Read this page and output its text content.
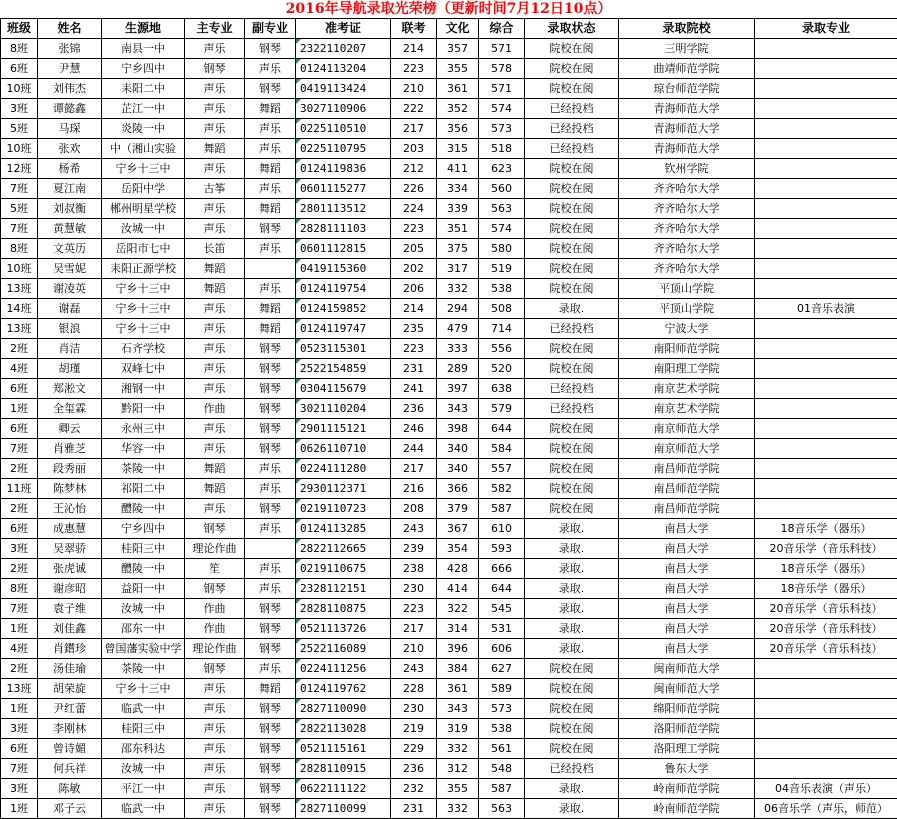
2016年导航录取光荣榜（更新时间7月12日10点）
班级	姓名	生源地	主专业	副专业	准考证	联考	文化	综合	录取状态	录取院校	录取专业
8班	张锦	南县一中	声乐	钢琴	2322110207	214	357	571	院校在阅	三明学院	
6班	尹慧	宁乡四中	钢琴	声乐	0124113204	223	355	578	院校在阅	曲靖师范学院	
10班	刘伟杰	耒阳二中	声乐	钢琴	0419113424	210	361	571	院校在阅	琼台师范学院	
3班	谭懿鑫	芷江一中	声乐	舞蹈	3027110906	222	352	574	已经投档	青海师范大学	
5班	马琛	炎陵一中	声乐	声乐	0225110510	217	356	573	已经投档	青海师范大学	
10班	张欢	中（湘山实验	舞蹈	声乐	0225110795	203	315	518	已经投档	青海师范大学	
12班	杨希	宁乡十三中	声乐	舞蹈	0124119836	212	411	623	院校在阅	钦州学院	
7班	夏江南	岳阳中学	古筝	声乐	0601115277	226	334	560	院校在阅	齐齐哈尔大学	
5班	刘叔衡	郴州明星学校	声乐	舞蹈	2801113512	224	339	563	院校在阅	齐齐哈尔大学	
7班	黄慧敏	汝城一中	声乐	钢琴	2828111103	223	351	574	院校在阅	齐齐哈尔大学	
8班	文英历	岳阳市七中	长笛	声乐	0601112815	205	375	580	院校在阅	齐齐哈尔大学	
10班	吴雪妮	耒阳正源学校	舞蹈		0419115360	202	317	519	院校在阅	齐齐哈尔大学	
13班	谢凌英	宁乡十三中	舞蹈	声乐	0124119754	206	332	538	院校在阅	平顶山学院	
14班	谢磊	宁乡十三中	声乐	舞蹈	0124159852	214	294	508	录取.	平顶山学院	01音乐表演
13班	银浪	宁乡十三中	声乐	舞蹈	0124119747	235	479	714	已经投档	宁波大学	
2班	肖洁	石齐学校	声乐	钢琴	0523115301	223	333	556	院校在阅	南阳师范学院	
4班	胡瑾	双峰七中	声乐	钢琴	2522154859	231	289	520	院校在阅	南阳理工学院	
6班	郑淞文	湘钢一中	声乐	钢琴	0304115679	241	397	638	已经投档	南京艺术学院	
1班	全玺霖	黔阳一中	作曲	钢琴	3021110204	236	343	579	已经投档	南京艺术学院	
6班	卿云	永州三中	声乐	钢琴	2901115121	246	398	644	院校在阅	南京师范大学	
7班	肖雅芝	华容一中	声乐	钢琴	0626110710	244	340	584	院校在阅	南京师范大学	
2班	段秀丽	茶陵一中	舞蹈	声乐	0224111280	217	340	557	院校在阅	南昌师范学院	
11班	陈梦林	祁阳二中	舞蹈	声乐	2930112371	216	366	582	院校在阅	南昌师范学院	
2班	王沁怡	醴陵一中	声乐	钢琴	0219110723	208	379	587	院校在阅	南昌师范学院	
6班	成惠慧	宁乡四中	钢琴	声乐	0124113285	243	367	610	录取.	南昌大学	18音乐学（器乐）
3班	吴翠骄	桂阳三中	理论作曲		2822112665	239	354	593	录取.	南昌大学	20音乐学（音乐科技）
2班	张虎诚	醴陵一中	笙	声乐	0219110675	238	428	666	录取.	南昌大学	18音乐学（器乐）
8班	谢彦昭	益阳一中	钢琴	声乐	2328112151	230	414	644	录取.	南昌大学	18音乐学（器乐）
7班	袁子维	汝城一中	作曲	钢琴	2828110875	223	322	545	录取.	南昌大学	20音乐学（音乐科技）
1班	刘佳鑫	邵东一中	作曲	钢琴	0521113726	217	314	531	录取.	南昌大学	20音乐学（音乐科技）
4班	肖鑙珍	曾国藩实验中学	理论作曲	钢琴	2522116089	210	396	606	录取.	南昌大学	20音乐学（音乐科技）
2班	汤佳瑜	茶陵一中	钢琴	声乐	0224111256	243	384	627	院校在阅	闽南师范大学	
13班	胡荣旋	宁乡十三中	声乐	舞蹈	0124119762	228	361	589	院校在阅	闽南师范大学	
1班	尹红蕾	临武一中	声乐	钢琴	2827110090	230	343	573	院校在阅	绵阳师范学院	
3班	李刚林	桂阳三中	声乐	钢琴	2822113028	219	319	538	院校在阅	洛阳师范学院	
6班	曾诗媚	邵东科达	声乐	钢琴	0521115161	229	332	561	院校在阅	洛阳理工学院	
7班	何兵祥	汝城一中	声乐	钢琴	2828110915	236	312	548	已经投档	鲁东大学	
3班	陈敏	平江一中	声乐	钢琴	0622111122	232	355	587	录取.	岭南师范学院	04音乐表演（声乐）
1班	邓子云	临武一中	声乐	钢琴	2827110099	231	332	563	录取.	岭南师范学院	06音乐学（声乐，师范）
